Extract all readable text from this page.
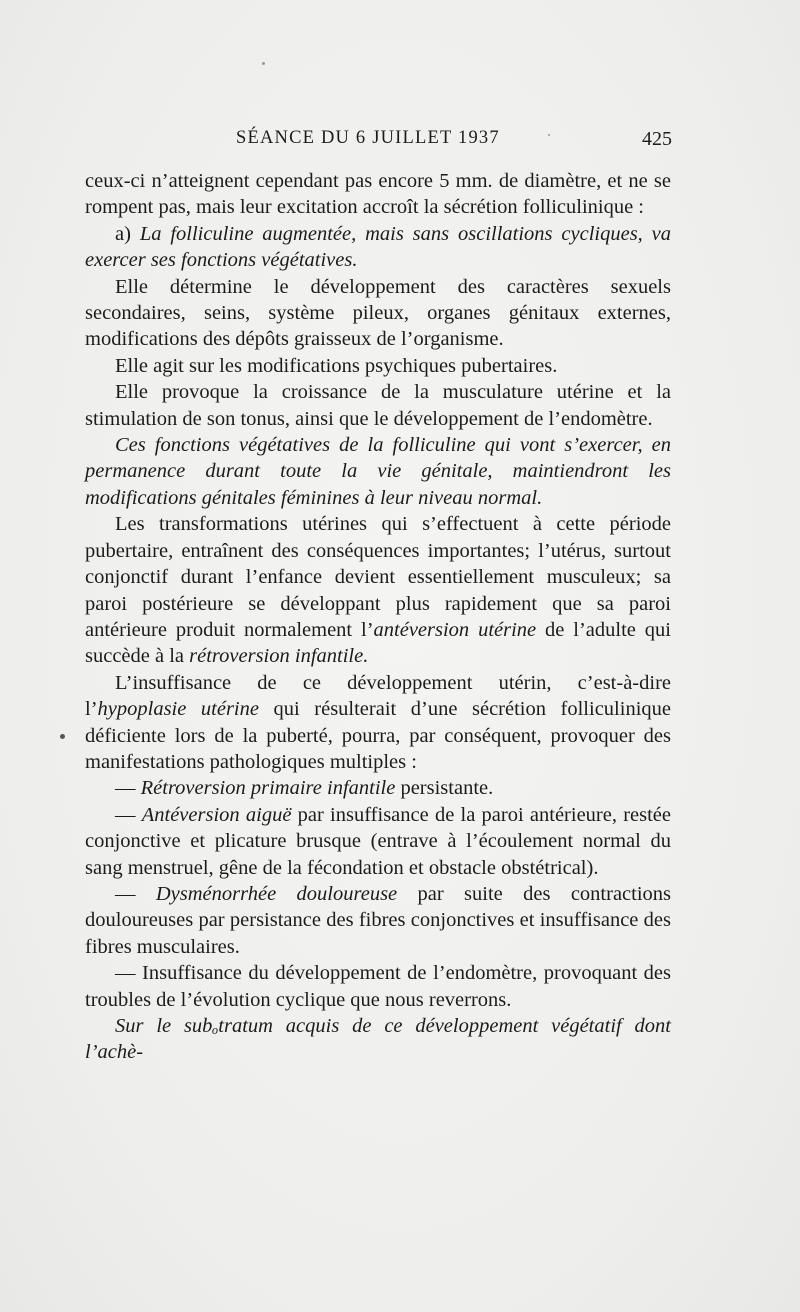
SÉANCE DU 6 JUILLET 1937	425

ceux-ci n’atteignent cependant pas encore 5 mm. de diamètre, et ne se rompent pas, mais leur excitation accroît la sécrétion folliculinique :

a) La folliculine augmentée, mais sans oscillations cycliques, va exercer ses fonctions végétatives.

Elle détermine le développement des caractères sexuels secondaires, seins, système pileux, organes génitaux externes, modifications des dépôts graisseux de l’organisme.

Elle agit sur les modifications psychiques pubertaires.

Elle provoque la croissance de la musculature utérine et la stimulation de son tonus, ainsi que le développement de l’endomètre.

Ces fonctions végétatives de la folliculine qui vont s’exercer, en permanence durant toute la vie génitale, maintiendront les modifications génitales féminines à leur niveau normal.

Les transformations utérines qui s’effectuent à cette période pubertaire, entraînent des conséquences importantes; l’utérus, surtout conjonctif durant l’enfance devient essentiellement musculeux; sa paroi postérieure se développant plus rapidement que sa paroi antérieure produit normalement l’antéversion utérine de l’adulte qui succède à la rétroversion infantile.

L’insuffisance de ce développement utérin, c’est-à-dire l’hypoplasie utérine qui résulterait d’une sécrétion folliculinique déficiente lors de la puberté, pourra, par conséquent, provoquer des manifestations pathologiques multiples :

— Rétroversion primaire infantile persistante.

— Antéversion aiguë par insuffisance de la paroi antérieure, restée conjonctive et plicature brusque (entrave à l’écoulement normal du sang menstruel, gêne de la fécondation et obstacle obstétrical).

— Dysménorrhée douloureuse par suite des contractions douloureuses par persistance des fibres conjonctives et insuffisance des fibres musculaires.

— Insuffisance du développement de l’endomètre, provoquant des troubles de l’évolution cyclique que nous reverrons.

Sur le subₒtratum acquis de ce développement végétatif dont l’achè-
